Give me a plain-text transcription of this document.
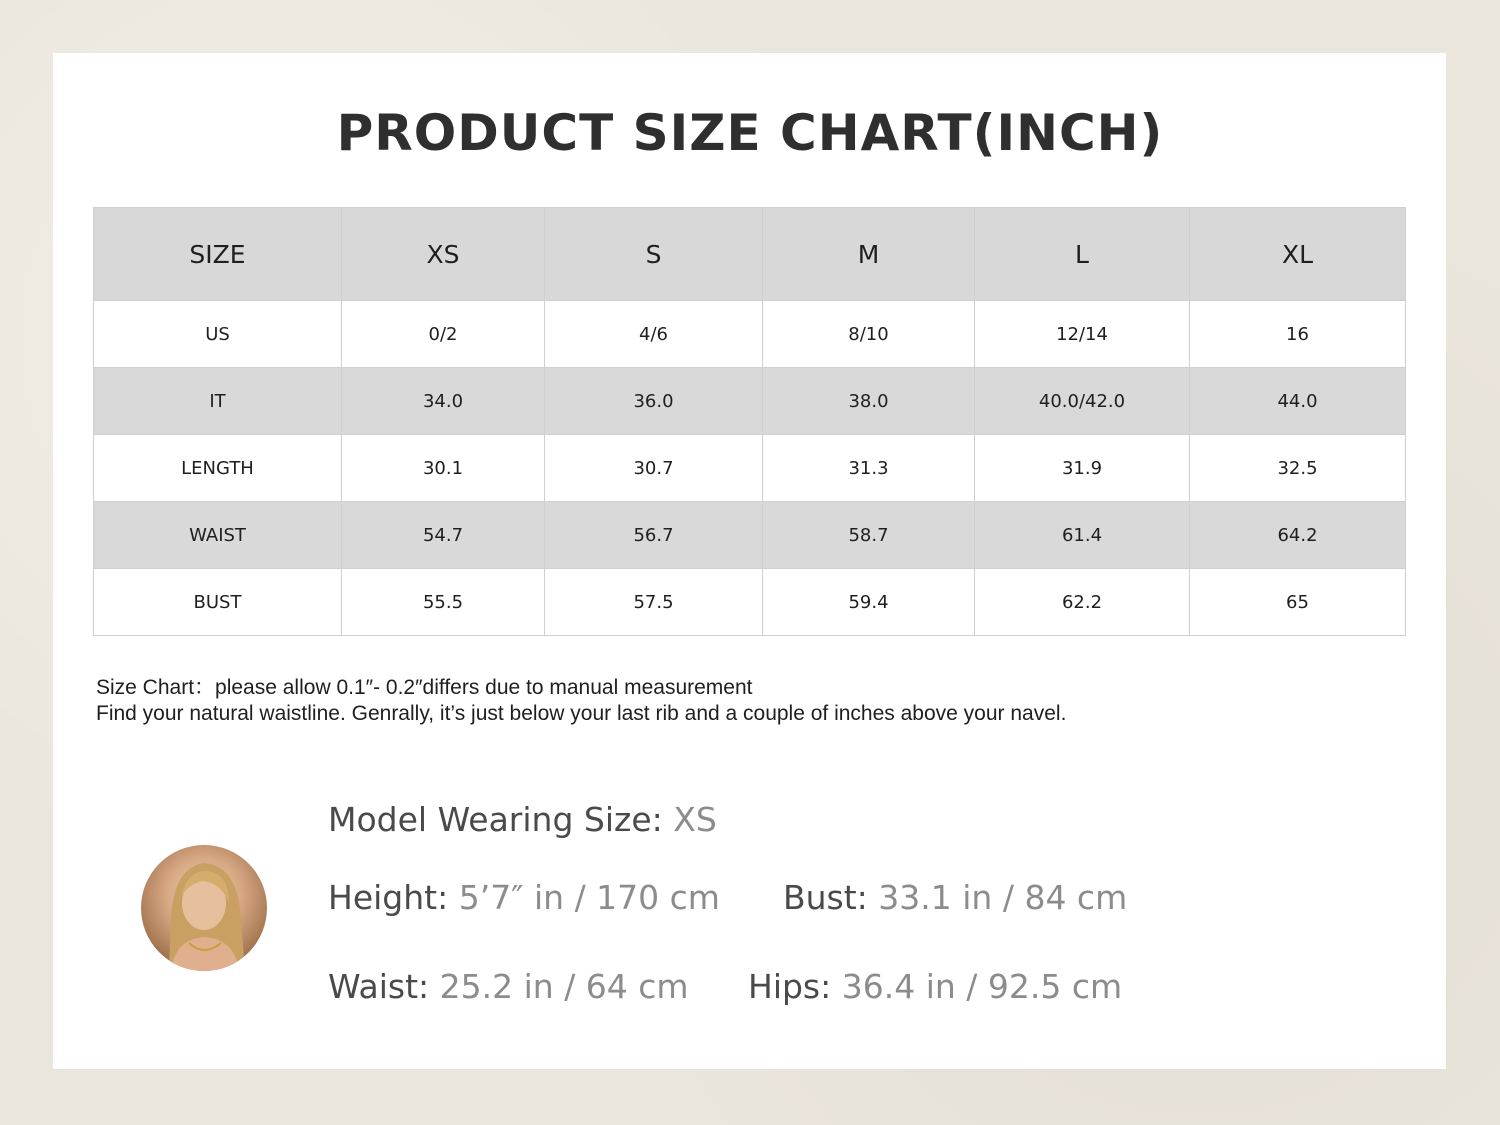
PRODUCT SIZE CHART(INCH)
SIZE	XS	S	M	L	XL
US	0/2	4/6	8/10	12/14	16
IT	34.0	36.0	38.0	40.0/42.0	44.0
LENGTH	30.1	30.7	31.3	31.9	32.5
WAIST	54.7	56.7	58.7	61.4	64.2
BUST	55.5	57.5	59.4	62.2	65
Size Chart：please allow 0.1″- 0.2″differs due to manual measurement
Find your natural waistline. Genrally, it’s just below your last rib and a couple of inches above your navel.
Model Wearing Size: XS
Height: 5’7″ in / 170 cm Bust: 33.1 in / 84 cm
Waist: 25.2 in / 64 cm Hips: 36.4 in / 92.5 cm
